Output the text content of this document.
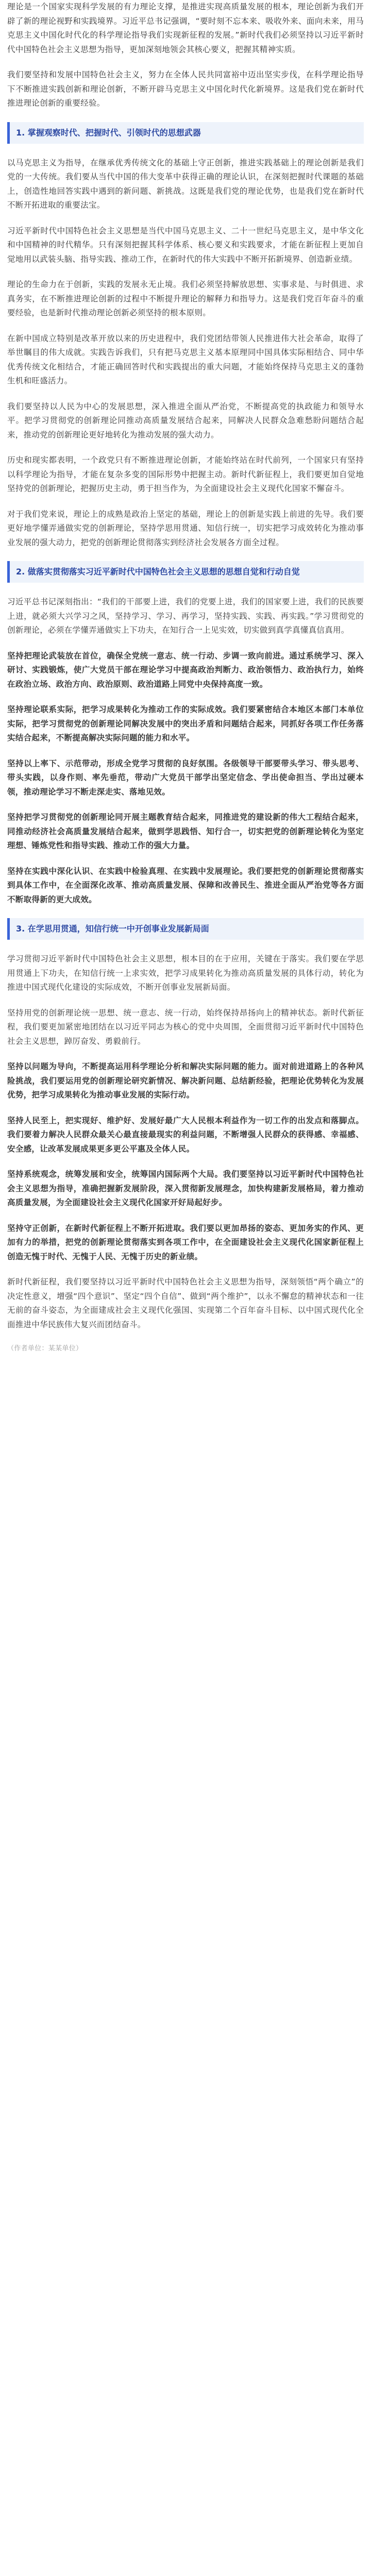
理论是一个国家实现科学发展的有力理论支撑，是推进实现高质量发展的根本，理论创新为我们开辟了新的理论视野和实践境界。习近平总书记强调，“要时刻不忘本来、吸收外来、面向未来，用马克思主义中国化时代化的科学理论指导我们实现新征程的发展。”新时代我们必须坚持以习近平新时代中国特色社会主义思想为指导，更加深刻地领会其核心要义，把握其精神实质。

我们要坚持和发展中国特色社会主义，努力在全体人民共同富裕中迈出坚实步伐，在科学理论指导下不断推进实践创新和理论创新，不断开辟马克思主义中国化时代化新境界。这是我们党在新时代推进理论创新的重要经验。

1. 掌握观察时代、把握时代、引领时代的思想武器

以马克思主义为指导，在继承优秀传统文化的基础上守正创新，推进实践基础上的理论创新是我们党的一大传统。我们要从当代中国的伟大变革中获得正确的理论认识，在深刻把握时代课题的基础上，创造性地回答实践中遇到的新问题、新挑战。这既是我们党的理论优势，也是我们党在新时代不断开拓进取的重要法宝。

习近平新时代中国特色社会主义思想是当代中国马克思主义、二十一世纪马克思主义，是中华文化和中国精神的时代精华。只有深刻把握其科学体系、核心要义和实践要求，才能在新征程上更加自觉地用以武装头脑、指导实践、推动工作，在新时代的伟大实践中不断开拓新境界、创造新业绩。

理论的生命力在于创新，实践的发展永无止境。我们必须坚持解放思想、实事求是、与时俱进、求真务实，在不断推进理论创新的过程中不断提升理论的解释力和指导力。这是我们党百年奋斗的重要经验，也是新时代推动理论创新必须坚持的根本原则。

在新中国成立特别是改革开放以来的历史进程中，我们党团结带领人民推进伟大社会革命，取得了举世瞩目的伟大成就。实践告诉我们，只有把马克思主义基本原理同中国具体实际相结合、同中华优秀传统文化相结合，才能正确回答时代和实践提出的重大问题，才能始终保持马克思主义的蓬勃生机和旺盛活力。

我们要坚持以人民为中心的发展思想，深入推进全面从严治党，不断提高党的执政能力和领导水平。把学习贯彻党的创新理论同推动高质量发展结合起来，同解决人民群众急难愁盼问题结合起来，推动党的创新理论更好地转化为推动发展的强大动力。

历史和现实都表明，一个政党只有不断推进理论创新，才能始终站在时代前列，一个国家只有坚持以科学理论为指导，才能在复杂多变的国际形势中把握主动。新时代新征程上，我们要更加自觉地坚持党的创新理论，把握历史主动，勇于担当作为，为全面建设社会主义现代化国家不懈奋斗。

对于我们党来说，理论上的成熟是政治上坚定的基础，理论上的创新是实践上前进的先导。我们要更好地学懂弄通做实党的创新理论，坚持学思用贯通、知信行统一，切实把学习成效转化为推动事业发展的强大动力，把党的创新理论贯彻落实到经济社会发展各方面全过程。

2. 做落实贯彻落实习近平新时代中国特色社会主义思想的思想自觉和行动自觉

习近平总书记深刻指出：“我们的干部要上进，我们的党要上进，我们的国家要上进，我们的民族要上进，就必须大兴学习之风，坚持学习、学习、再学习，坚持实践、实践、再实践。”学习贯彻党的创新理论，必须在学懂弄通做实上下功夫，在知行合一上见实效，切实做到真学真懂真信真用。

坚持把理论武装放在首位，确保全党统一意志、统一行动、步调一致向前进。通过系统学习、深入研讨、实践锻炼，使广大党员干部在理论学习中提高政治判断力、政治领悟力、政治执行力，始终在政治立场、政治方向、政治原则、政治道路上同党中央保持高度一致。

坚持理论联系实际，把学习成果转化为推动工作的实际成效。我们要紧密结合本地区本部门本单位实际，把学习贯彻党的创新理论同解决发展中的突出矛盾和问题结合起来，同抓好各项工作任务落实结合起来，不断提高解决实际问题的能力和水平。

坚持以上率下、示范带动，形成全党学习贯彻的良好氛围。各级领导干部要带头学习、带头思考、带头实践，以身作则、率先垂范，带动广大党员干部学出坚定信念、学出使命担当、学出过硬本领，推动理论学习不断走深走实、落地见效。

坚持把学习贯彻党的创新理论同开展主题教育结合起来，同推进党的建设新的伟大工程结合起来，同推动经济社会高质量发展结合起来，做到学思践悟、知行合一，切实把党的创新理论转化为坚定理想、锤炼党性和指导实践、推动工作的强大力量。

坚持在实践中深化认识、在实践中检验真理、在实践中发展理论。我们要把党的创新理论贯彻落实到具体工作中，在全面深化改革、推动高质量发展、保障和改善民生、推进全面从严治党等各方面不断取得新的更大成效。

3. 在学思用贯通，知信行统一中开创事业发展新局面

学习贯彻习近平新时代中国特色社会主义思想，根本目的在于应用，关键在于落实。我们要在学思用贯通上下功夫，在知信行统一上求实效，把学习成果转化为推动高质量发展的具体行动，转化为推进中国式现代化建设的实际成效，不断开创事业发展新局面。

坚持用党的创新理论统一思想、统一意志、统一行动，始终保持昂扬向上的精神状态。新时代新征程，我们要更加紧密地团结在以习近平同志为核心的党中央周围，全面贯彻习近平新时代中国特色社会主义思想，踔厉奋发、勇毅前行。

坚持以问题为导向，不断提高运用科学理论分析和解决实际问题的能力。面对前进道路上的各种风险挑战，我们要运用党的创新理论研究新情况、解决新问题、总结新经验，把理论优势转化为发展优势，把学习成果转化为推动事业发展的实际行动。

坚持人民至上，把实现好、维护好、发展好最广大人民根本利益作为一切工作的出发点和落脚点。我们要着力解决人民群众最关心最直接最现实的利益问题，不断增强人民群众的获得感、幸福感、安全感，让改革发展成果更多更公平惠及全体人民。

坚持系统观念，统筹发展和安全，统筹国内国际两个大局。我们要坚持以习近平新时代中国特色社会主义思想为指导，准确把握新发展阶段，深入贯彻新发展理念，加快构建新发展格局，着力推动高质量发展，为全面建设社会主义现代化国家开好局起好步。

坚持守正创新，在新时代新征程上不断开拓进取。我们要以更加昂扬的姿态、更加务实的作风、更加有力的举措，把党的创新理论贯彻落实到各项工作中，在全面建设社会主义现代化国家新征程上创造无愧于时代、无愧于人民、无愧于历史的新业绩。

新时代新征程，我们要坚持以习近平新时代中国特色社会主义思想为指导，深刻领悟“两个确立”的决定性意义，增强“四个意识”、坚定“四个自信”、做到“两个维护”，以永不懈怠的精神状态和一往无前的奋斗姿态，为全面建成社会主义现代化强国、实现第二个百年奋斗目标、以中国式现代化全面推进中华民族伟大复兴而团结奋斗。

（作者单位：某某单位）
